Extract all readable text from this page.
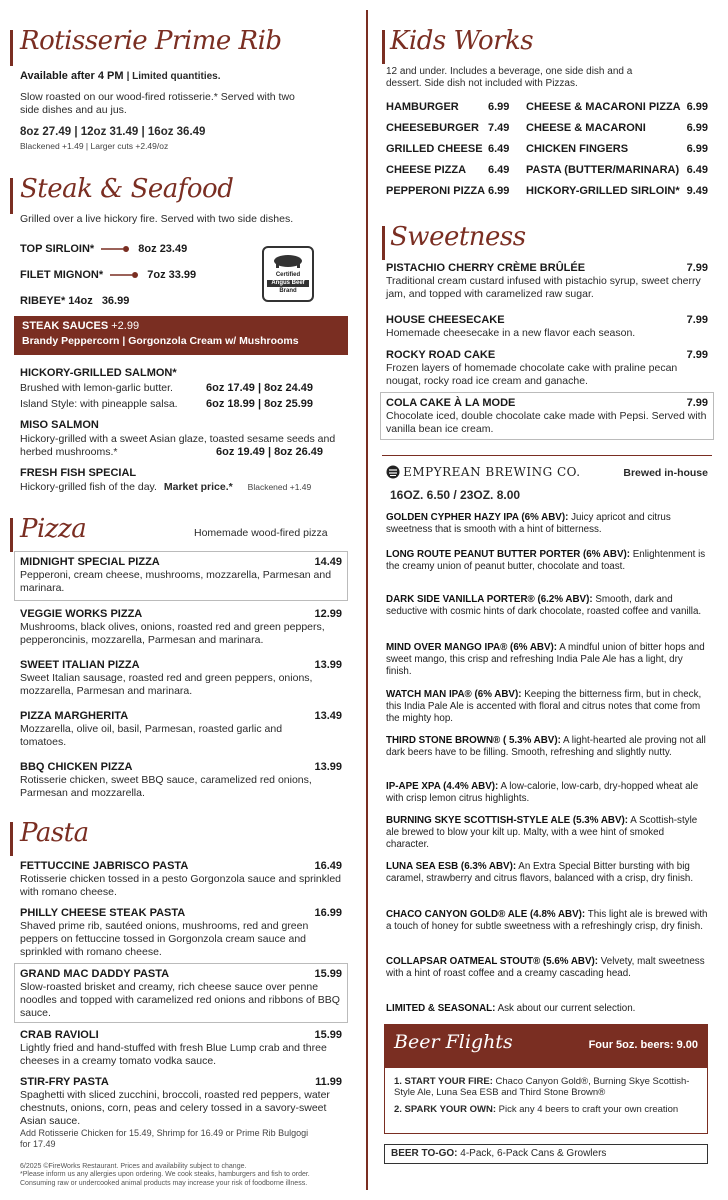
Rotisserie Prime Rib
Available after 4 PM | Limited quantities.
Slow roasted on our wood-fired rotisserie.* Served with two side dishes and au jus.
8oz 27.49 | 12oz 31.49 | 16oz 36.49
Blackened +1.49 | Larger cuts +2.49/oz
Steak & Seafood
Grilled over a live hickory fire. Served with two side dishes.
TOP SIRLOIN*	8oz 23.49
FILET MIGNON*	7oz 33.99
RIBEYE* 14oz 36.99
Certified
Angus Beef
Brand
STEAK SAUCES +2.99
Brandy Peppercorn | Gorgonzola Cream w/ Mushrooms
HICKORY-GRILLED SALMON*
Brushed with lemon-garlic butter.	6oz 17.49 | 8oz 24.49
Island Style: with pineapple salsa.	6oz 18.99 | 8oz 25.99
MISO SALMON
Hickory-grilled with a sweet Asian glaze, toasted sesame seeds and herbed mushrooms.*	6oz 19.49 | 8oz 26.49
FRESH FISH SPECIAL
Hickory-grilled fish of the day. Market price.* Blackened +1.49
Pizza	Homemade wood-fired pizza
MIDNIGHT SPECIAL PIZZA	14.49
Pepperoni, cream cheese, mushrooms, mozzarella, Parmesan and marinara.
VEGGIE WORKS PIZZA	12.99
Mushrooms, black olives, onions, roasted red and green peppers, pepperoncinis, mozzarella, Parmesan and marinara.
SWEET ITALIAN PIZZA	13.99
Sweet Italian sausage, roasted red and green peppers, onions, mozzarella, Parmesan and marinara.
PIZZA MARGHERITA	13.49
Mozzarella, olive oil, basil, Parmesan, roasted garlic and tomatoes.
BBQ CHICKEN PIZZA	13.99
Rotisserie chicken, sweet BBQ sauce, caramelized red onions, Parmesan and mozzarella.
Pasta
FETTUCCINE JABRISCO PASTA	16.49
Rotisserie chicken tossed in a pesto Gorgonzola sauce and sprinkled with romano cheese.
PHILLY CHEESE STEAK PASTA	16.99
Shaved prime rib, sautéed onions, mushrooms, red and green peppers on fettuccine tossed in Gorgonzola cream sauce and sprinkled with romano cheese.
GRAND MAC DADDY PASTA	15.99
Slow-roasted brisket and creamy, rich cheese sauce over penne noodles and topped with caramelized red onions and ribbons of BBQ sauce.
CRAB RAVIOLI	15.99
Lightly fried and hand-stuffed with fresh Blue Lump crab and three cheeses in a creamy tomato vodka sauce.
STIR-FRY PASTA	11.99
Spaghetti with sliced zucchini, broccoli, roasted red peppers, water chestnuts, onions, corn, peas and celery tossed in a savory-sweet Asian sauce.
Add Rotisserie Chicken for 15.49, Shrimp for 16.49 or Prime Rib Bulgogi for 17.49
6/2025 ©FireWorks Restaurant. Prices and availability subject to change.
*Please inform us any allergies upon ordering. We cook steaks, hamburgers and fish to order.
Consuming raw or undercooked animal products may increase your risk of foodborne illness.
Kids Works
12 and under. Includes a beverage, one side dish and a dessert. Side dish not included with Pizzas.
HAMBURGER	6.99
CHEESEBURGER 7.49
GRILLED CHEESE 6.49
CHEESE PIZZA 6.49
PEPPERONI PIZZA 6.99
CHEESE & MACARONI PIZZA 6.99
CHEESE & MACARONI	6.99
CHICKEN FINGERS	6.99
PASTA (BUTTER/MARINARA) 6.49
HICKORY-GRILLED SIRLOIN* 9.49
Sweetness
PISTACHIO CHERRY CRÈME BRÛLÉE	7.99
Traditional cream custard infused with pistachio syrup, sweet cherry jam, and topped with caramelized raw sugar.
HOUSE CHEESECAKE	7.99
Homemade cheesecake in a new flavor each season.
ROCKY ROAD CAKE	7.99
Frozen layers of homemade chocolate cake with praline pecan nougat, rocky road ice cream and ganache.
COLA CAKE À LA MODE	7.99
Chocolate iced, double chocolate cake made with Pepsi. Served with vanilla bean ice cream.
EMPYREAN BREWING CO.	Brewed in-house
16OZ. 6.50 / 23OZ. 8.00
GOLDEN CYPHER HAZY IPA (6% ABV): Juicy apricot and citrus sweetness that is smooth with a hint of bitterness.
LONG ROUTE PEANUT BUTTER PORTER (6% ABV): Enlightenment is the creamy union of peanut butter, chocolate and toast.
DARK SIDE VANILLA PORTER® (6.2% ABV): Smooth, dark and seductive with cosmic hints of dark chocolate, roasted coffee and vanilla.
MIND OVER MANGO IPA® (6% ABV): A mindful union of bitter hops and sweet mango, this crisp and refreshing India Pale Ale has a light, dry finish.
WATCH MAN IPA® (6% ABV): Keeping the bitterness firm, but in check, this India Pale Ale is accented with floral and citrus notes that come from the mighty hop.
THIRD STONE BROWN® ( 5.3% ABV): A light-hearted ale proving not all dark beers have to be filling. Smooth, refreshing and slightly nutty.
IP-APE XPA (4.4% ABV): A low-calorie, low-carb, dry-hopped wheat ale with crisp lemon citrus highlights.
BURNING SKYE SCOTTISH-STYLE ALE (5.3% ABV): A Scottish-style ale brewed to blow your kilt up. Malty, with a wee hint of smoked character.
LUNA SEA ESB (6.3% ABV): An Extra Special Bitter bursting with big caramel, strawberry and citrus flavors, balanced with a crisp, dry finish.
CHACO CANYON GOLD® ALE (4.8% ABV): This light ale is brewed with a touch of honey for subtle sweetness with a refreshingly crisp, dry finish.
COLLAPSAR OATMEAL STOUT® (5.6% ABV): Velvety, malt sweetness with a hint of roast coffee and a creamy cascading head.
LIMITED & SEASONAL: Ask about our current selection.
Beer Flights	Four 5oz. beers: 9.00
1. START YOUR FIRE: Chaco Canyon Gold®, Burning Skye Scottish-Style Ale, Luna Sea ESB and Third Stone Brown®
2. SPARK YOUR OWN: Pick any 4 beers to craft your own creation
BEER TO-GO: 4-Pack, 6-Pack Cans & Growlers
